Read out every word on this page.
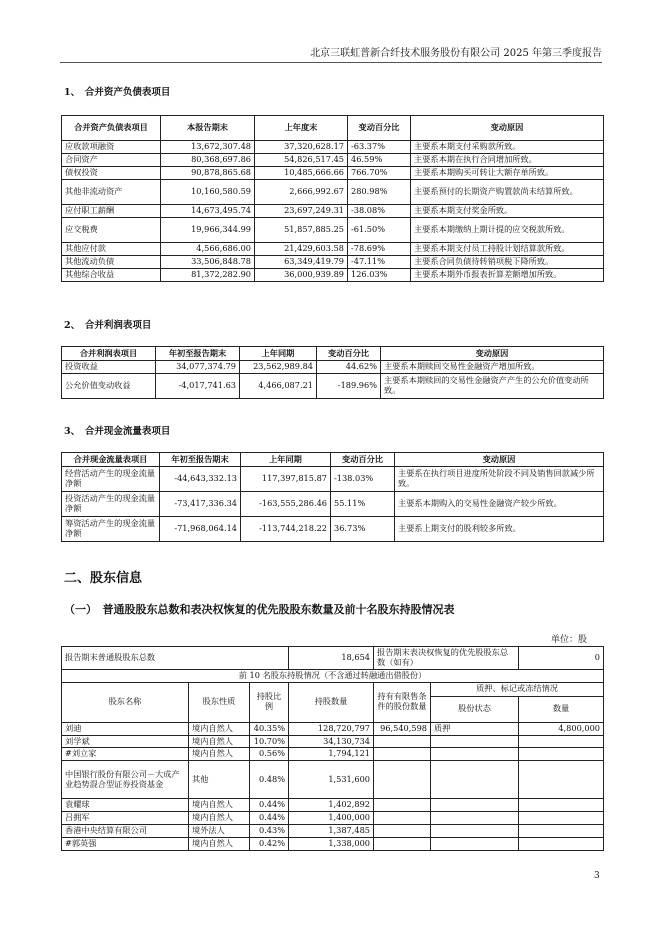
北京三联虹普新合纤技术服务股份有限公司 2025 年第三季度报告
1、　合并资产负债表项目
合并资产负债表项目	本报告期末	上年度末	变动百分比	变动原因
应收款项融资	13,672,307.48	37,320,628.17	-63.37%	主要系本期支付采购款所致。
合同资产	80,368,697.86	54,826,517.45	46.59%	主要系本期在执行合同增加所致。
债权投资	90,878,865.68	10,485,666.66	766.70%	主要系本期购买可转让大额存单所致。
其他非流动资产	10,160,580.59	2,666,992.67	280.98%	主要系预付的长期资产购置款尚未结算所致。
应付职工薪酬	14,673,495.74	23,697,249.31	-38.08%	主要系本期支付奖金所致。
应交税费	19,966,344.99	51,857,885.25	-61.50%	主要系本期缴纳上期计提的应交税款所致。
其他应付款	4,566,686.00	21,429,603.58	-78.69%	主要系本期支付员工持股计划结算款所致。
其他流动负债	33,506,848.78	63,349,419.79	-47.11%	主要系合同负债待转销项税下降所致。
其他综合收益	81,372,282.90	36,000,939.89	126.03%	主要系本期外币报表折算差额增加所致。
2、　合并利润表项目
合并利润表项目	年初至报告期末	上年同期	变动百分比	变动原因
投资收益	34,077,374.79	23,562,989.84	44.62%	主要系本期赎回交易性金融资产增加所致。
公允价值变动收益	-4,017,741.63	4,466,087.21	-189.96%	主要系本期赎回的交易性金融资产产生的公允价值变动所致。
3、　合并现金流量表项目
合并现金流量表项目	年初至报告期末	上年同期	变动百分比	变动原因
经营活动产生的现金流量净额	-44,643,332.13	117,397,815.87	-138.03%	主要系在执行项目进度所处阶段不同及销售回款减少所致。
投资活动产生的现金流量净额	-73,417,336.34	-163,555,286.46	55.11%	主要系本期购入的交易性金融资产较少所致。
筹资活动产生的现金流量净额	-71,968,064.14	-113,744,218.22	36.73%	主要系上期支付的股利较多所致。
二、股东信息
（一）　普通股股东总数和表决权恢复的优先股股东数量及前十名股东持股情况表
单位：股
报告期末普通股股东总数			18,654	报告期末表决权恢复的优先股股东总数（如有）		0
前 10 名股东持股情况（不含通过转融通出借股份）						
股东名称	股东性质	持股比例	持股数量	持有有限售条件的股份数量	质押、标记或冻结情况	
					股份状态	数量
刘迪	境内自然人	40.35%	128,720,797	96,540,598	质押	4,800,000
刘学斌	境内自然人	10.70%	34,130,734			
#刘立家	境内自然人	0.56%	1,794,121			
中国银行股份有限公司－大成产业趋势混合型证券投资基金	其他	0.48%	1,531,600			
袁耀球	境内自然人	0.44%	1,402,892			
吕拥军	境内自然人	0.44%	1,400,000			
香港中央结算有限公司	境外法人	0.43%	1,387,485			
#郭英强	境内自然人	0.42%	1,338,000			
3
